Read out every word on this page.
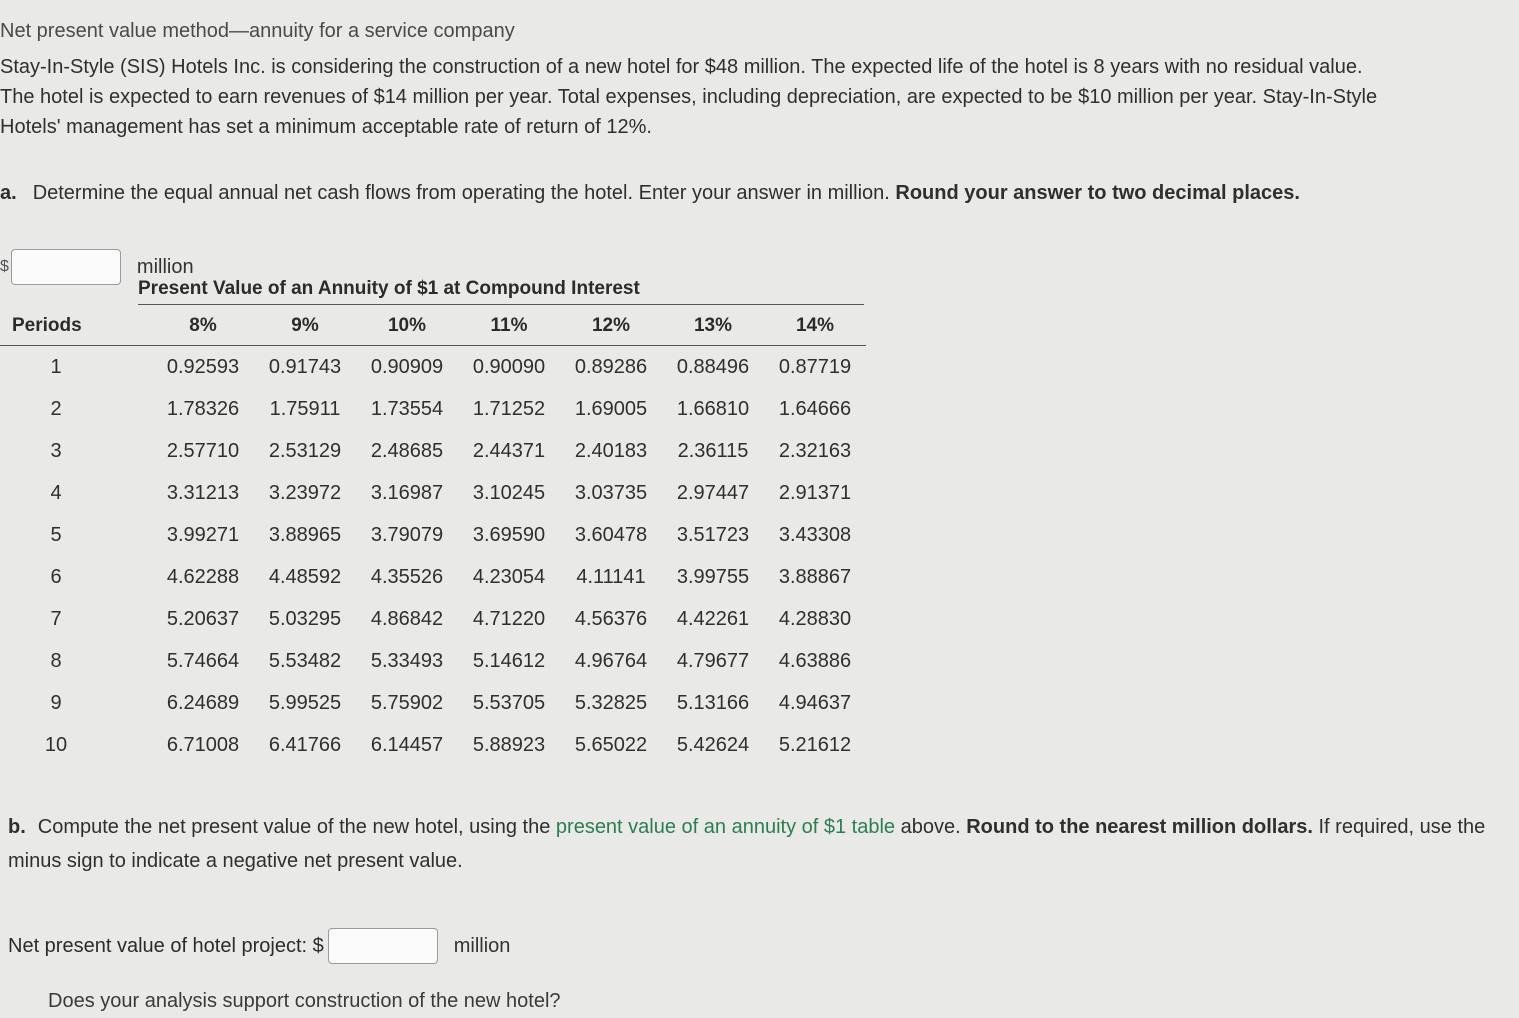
Net present value method—annuity for a service company

Stay-In-Style (SIS) Hotels Inc. is considering the construction of a new hotel for $48 million. The expected life of the hotel is 8 years with no residual value.
The hotel is expected to earn revenues of $14 million per year. Total expenses, including depreciation, are expected to be $10 million per year. Stay-In-Style
Hotels' management has set a minimum acceptable rate of return of 12%.

a. Determine the equal annual net cash flows from operating the hotel. Enter your answer in million. Round your answer to two decimal places.
$	million
Present Value of an Annuity of $1 at Compound Interest
Periods	8%	9%	10%	11%	12%	13%	14%
1	0.92593	0.91743	0.90909	0.90090	0.89286	0.88496	0.87719
2	1.78326	1.75911	1.73554	1.71252	1.69005	1.66810	1.64666
3	2.57710	2.53129	2.48685	2.44371	2.40183	2.36115	2.32163
4	3.31213	3.23972	3.16987	3.10245	3.03735	2.97447	2.91371
5	3.99271	3.88965	3.79079	3.69590	3.60478	3.51723	3.43308
6	4.62288	4.48592	4.35526	4.23054	4.11141	3.99755	3.88867
7	5.20637	5.03295	4.86842	4.71220	4.56376	4.42261	4.28830
8	5.74664	5.53482	5.33493	5.14612	4.96764	4.79677	4.63886
9	6.24689	5.99525	5.75902	5.53705	5.32825	5.13166	4.94637
10	6.71008	6.41766	6.14457	5.88923	5.65022	5.42624	5.21612

b. Compute the net present value of the new hotel, using the present value of an annuity of $1 table above. Round to the nearest million dollars. If required, use the minus sign to indicate a negative net present value.

Net present value of hotel project:
$	million
Does your analysis support construction of the new hotel?
